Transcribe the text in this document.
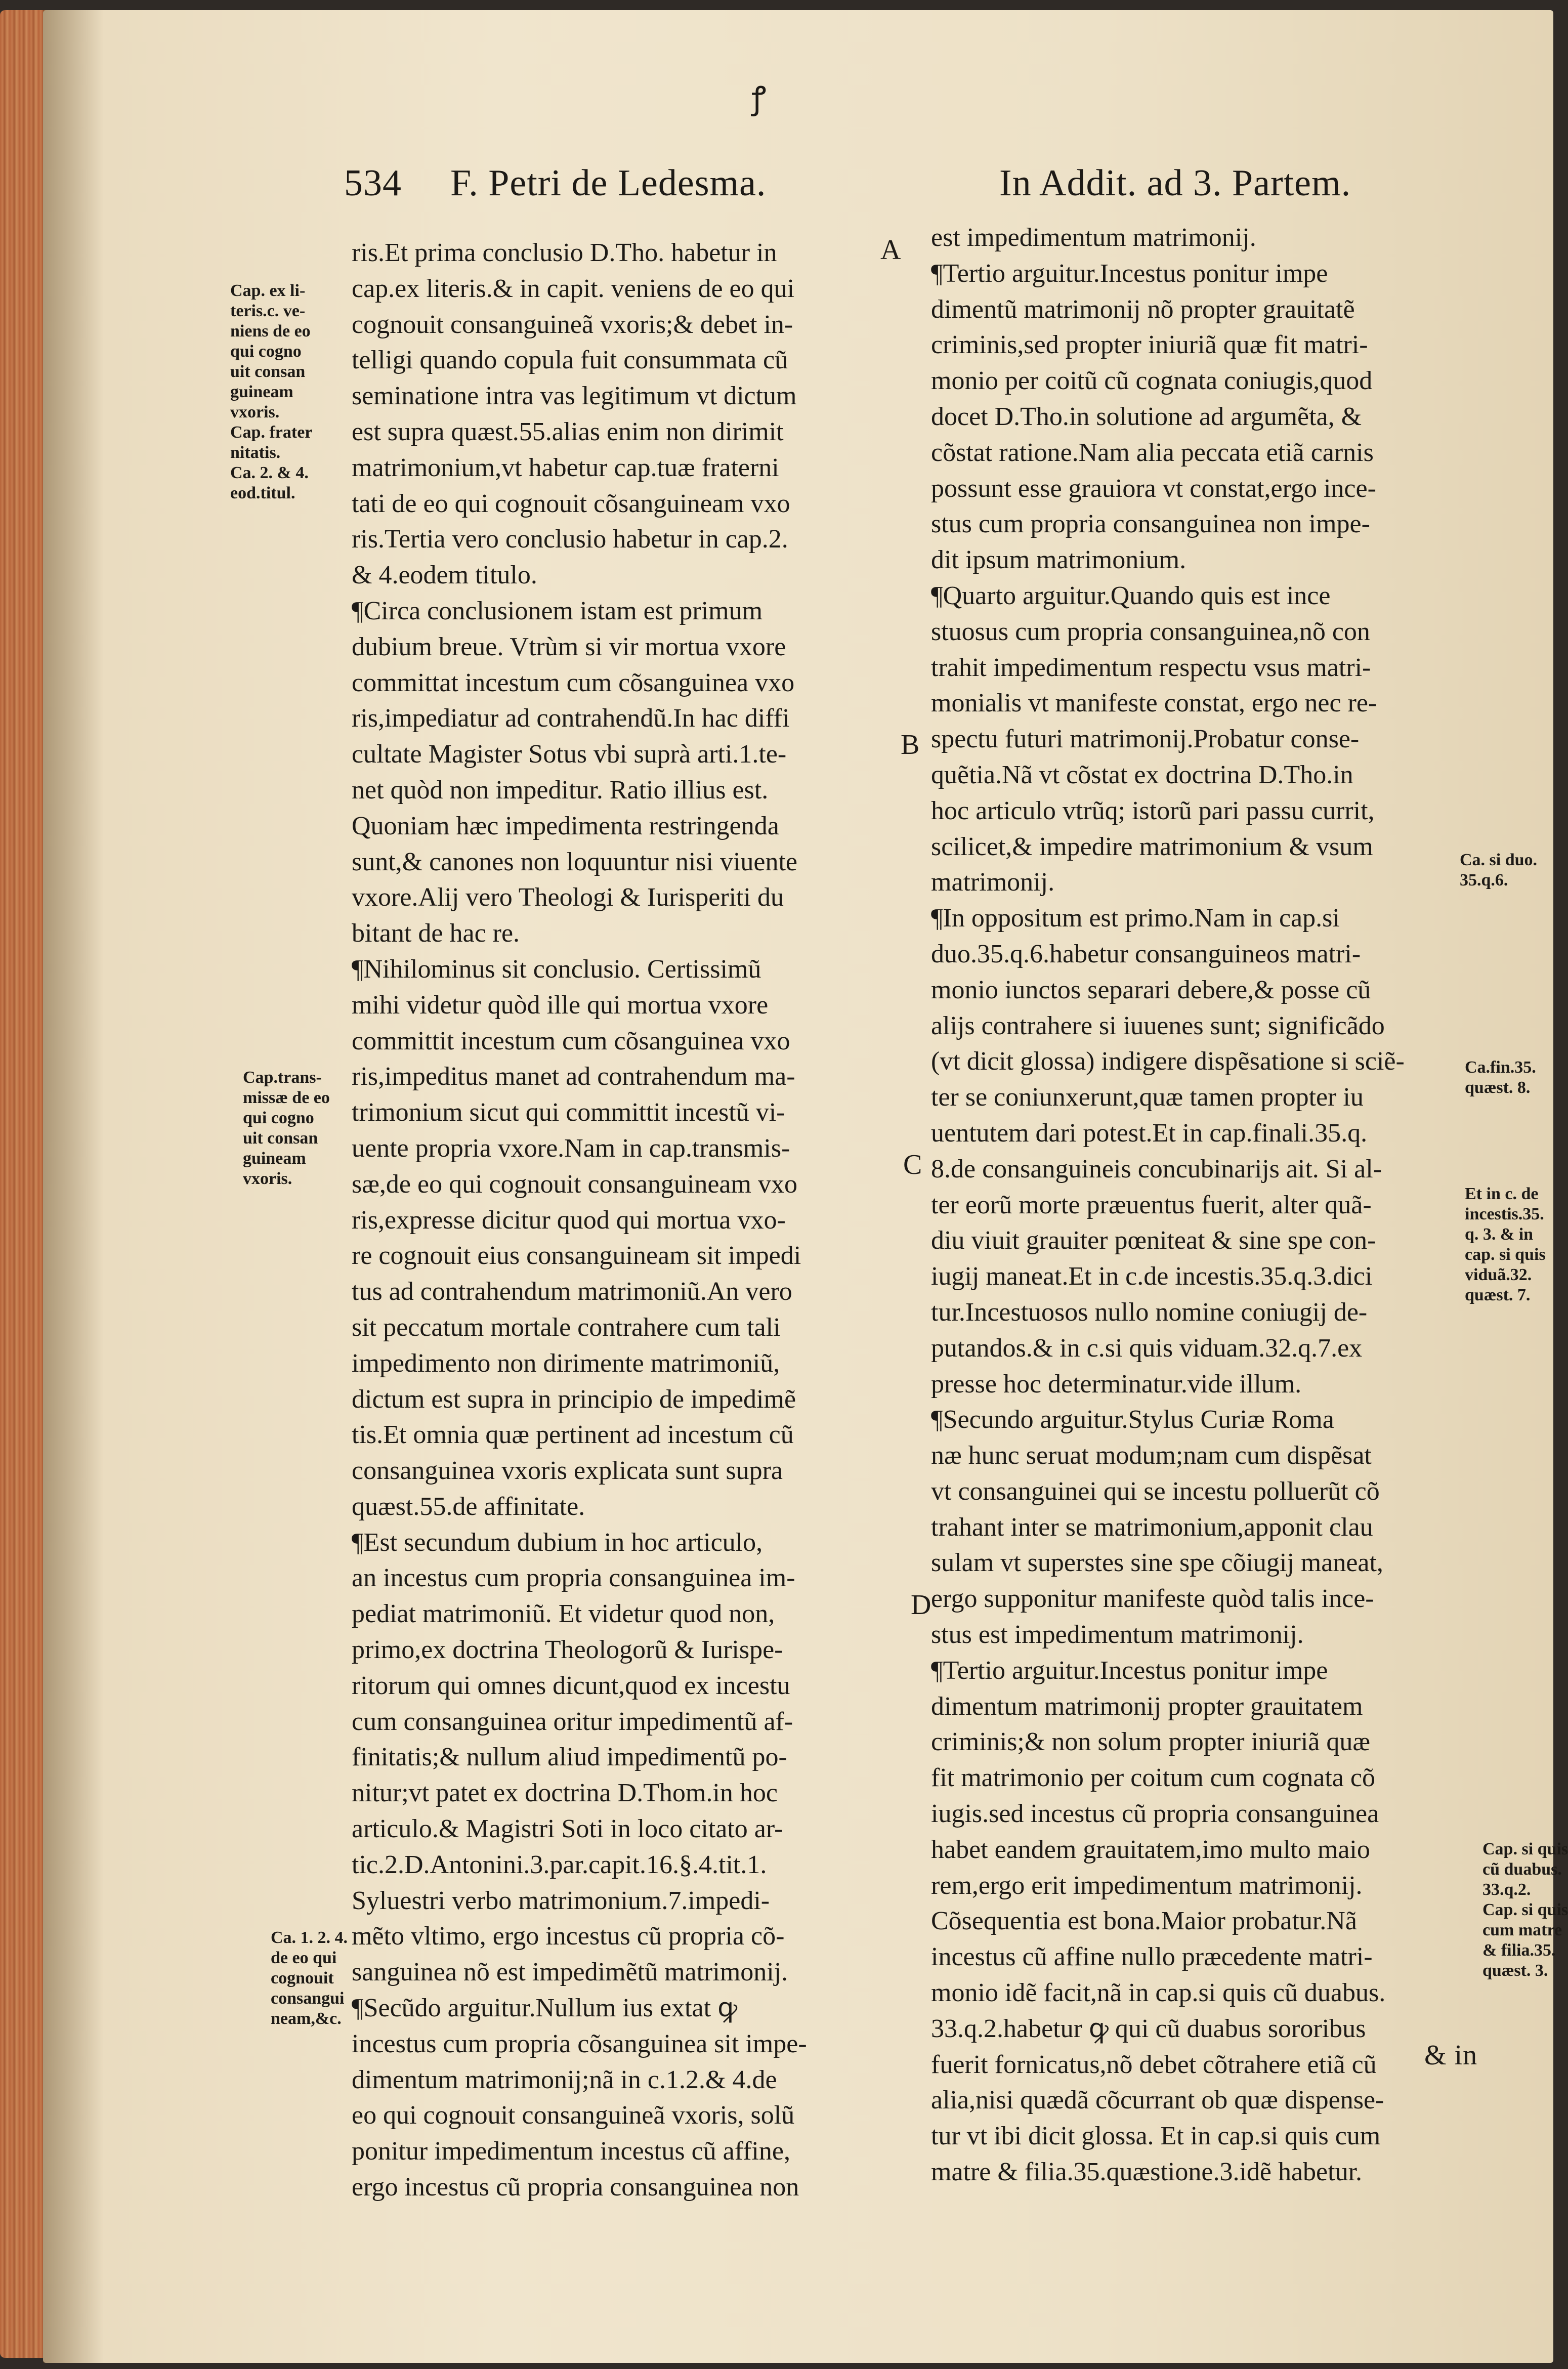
ꝭ
534 F. Petri de Ledesma.	In Addit. ad 3. Partem.

ris.Et prima conclusio D.Tho. habetur in

cap.ex literis.& in capit. veniens de eo qui

cognouit consanguineã vxoris;& debet in-

telligi quando copula fuit consummata cũ

seminatione intra vas legitimum vt dictum

est supra quæst.55.alias enim non dirimit

matrimonium,vt habetur cap.tuæ fraterni

tati de eo qui cognouit cõsanguineam vxo

ris.Tertia vero conclusio habetur in cap.2.

& 4.eodem titulo.

¶Circa conclusionem istam est primum

dubium breue. Vtrùm si vir mortua vxore

committat incestum cum cõsanguinea vxo

ris,impediatur ad contrahendũ.In hac diffi

cultate Magister Sotus vbi suprà arti.1.te-

net quòd non impeditur. Ratio illius est.

Quoniam hæc impedimenta restringenda

sunt,& canones non loquuntur nisi viuente

vxore.Alij vero Theologi & Iurisperiti du

bitant de hac re.

¶Nihilominus sit conclusio. Certissimũ

mihi videtur quòd ille qui mortua vxore

committit incestum cum cõsanguinea vxo

ris,impeditus manet ad contrahendum ma-

trimonium sicut qui committit incestũ vi-

uente propria vxore.Nam in cap.transmis-

sæ,de eo qui cognouit consanguineam vxo

ris,expresse dicitur quod qui mortua vxo-

re cognouit eius consanguineam sit impedi

tus ad contrahendum matrimoniũ.An vero

sit peccatum mortale contrahere cum tali

impedimento non dirimente matrimoniũ,

dictum est supra in principio de impedimẽ

tis.Et omnia quæ pertinent ad incestum cũ

consanguinea vxoris explicata sunt supra

quæst.55.de affinitate.

¶Est secundum dubium in hoc articulo,

an incestus cum propria consanguinea im-

pediat matrimoniũ. Et videtur quod non,

primo,ex doctrina Theologorũ & Iurispe-

ritorum qui omnes dicunt,quod ex incestu

cum consanguinea oritur impedimentũ af-

finitatis;& nullum aliud impedimentũ po-

nitur;vt patet ex doctrina D.Thom.in hoc

articulo.& Magistri Soti in loco citato ar-

tic.2.D.Antonini.3.par.capit.16.§.4.tit.1.

Syluestri verbo matrimonium.7.impedi-

mẽto vltimo, ergo incestus cũ propria cõ-

sanguinea nõ est impedimẽtũ matrimonij.

¶Secũdo arguitur.Nullum ius extat ꝙ

incestus cum propria cõsanguinea sit impe-

dimentum matrimonij;nã in c.1.2.& 4.de

eo qui cognouit consanguineã vxoris, solũ

ponitur impedimentum incestus cũ affine,

ergo incestus cũ propria consanguinea non

est impedimentum matrimonij.

¶Tertio arguitur.Incestus ponitur impe

dimentũ matrimonij nõ propter grauitatẽ

criminis,sed propter iniuriã quæ fit matri-

monio per coitũ cũ cognata coniugis,quod

docet D.Tho.in solutione ad argumẽta, &

cõstat ratione.Nam alia peccata etiã carnis

possunt esse grauiora vt constat,ergo ince-

stus cum propria consanguinea non impe-

dit ipsum matrimonium.

¶Quarto arguitur.Quando quis est ince

stuosus cum propria consanguinea,nõ con

trahit impedimentum respectu vsus matri-

monialis vt manifeste constat, ergo nec re-

spectu futuri matrimonij.Probatur conse-

quẽtia.Nã vt cõstat ex doctrina D.Tho.in

hoc articulo vtrũq; istorũ pari passu currit,

scilicet,& impedire matrimonium & vsum

matrimonij.

¶In oppositum est primo.Nam in cap.si

duo.35.q.6.habetur consanguineos matri-

monio iunctos separari debere,& posse cũ

alijs contrahere si iuuenes sunt; significãdo

(vt dicit glossa) indigere dispẽsatione si sciẽ-

ter se coniunxerunt,quæ tamen propter iu

uentutem dari potest.Et in cap.finali.35.q.

8.de consanguineis concubinarijs ait. Si al-

ter eorũ morte præuentus fuerit, alter quã-

diu viuit grauiter pœniteat & sine spe con-

iugij maneat.Et in c.de incestis.35.q.3.dici

tur.Incestuosos nullo nomine coniugij de-

putandos.& in c.si quis viduam.32.q.7.ex

presse hoc determinatur.vide illum.

¶Secundo arguitur.Stylus Curiæ Roma

næ hunc seruat modum;nam cum dispẽsat

vt consanguinei qui se incestu polluerũt cõ

trahant inter se matrimonium,apponit clau

sulam vt superstes sine spe cõiugij maneat,

ergo supponitur manifeste quòd talis ince-

stus est impedimentum matrimonij.

¶Tertio arguitur.Incestus ponitur impe

dimentum matrimonij propter grauitatem

criminis;& non solum propter iniuriã quæ

fit matrimonio per coitum cum cognata cõ

iugis.sed incestus cũ propria consanguinea

habet eandem grauitatem,imo multo maio

rem,ergo erit impedimentum matrimonij.

Cõsequentia est bona.Maior probatur.Nã

incestus cũ affine nullo præcedente matri-

monio idẽ facit,nã in cap.si quis cũ duabus.

33.q.2.habetur ꝙ qui cũ duabus sororibus

fuerit fornicatus,nõ debet cõtrahere etiã cũ

alia,nisi quædã cõcurrant ob quæ dispense-

tur vt ibi dicit glossa. Et in cap.si quis cum

matre & filia.35.quæstione.3.idẽ habetur.

A
B
C
D
Cap. ex li-
teris.c. ve-
niens de eo
qui cogno
uit consan
guineam
vxoris.
Cap. frater
nitatis.
Ca. 2. & 4.
eod.titul.
Cap.trans-
missæ de eo
qui cogno
uit consan
guineam
vxoris.
Ca. 1. 2. 4.
de eo qui
cognouit
consangui
neam,&c.
Ca. si duo.
35.q.6.
Ca.fin.35.
quæst. 8.
Et in c. de
incestis.35.
q. 3. & in
cap. si quis
viduã.32.
quæst. 7.
Cap. si quis
cũ duabus.
33.q.2.
Cap. si quis
cum matre
& filia.35.
quæst. 3.
& in
